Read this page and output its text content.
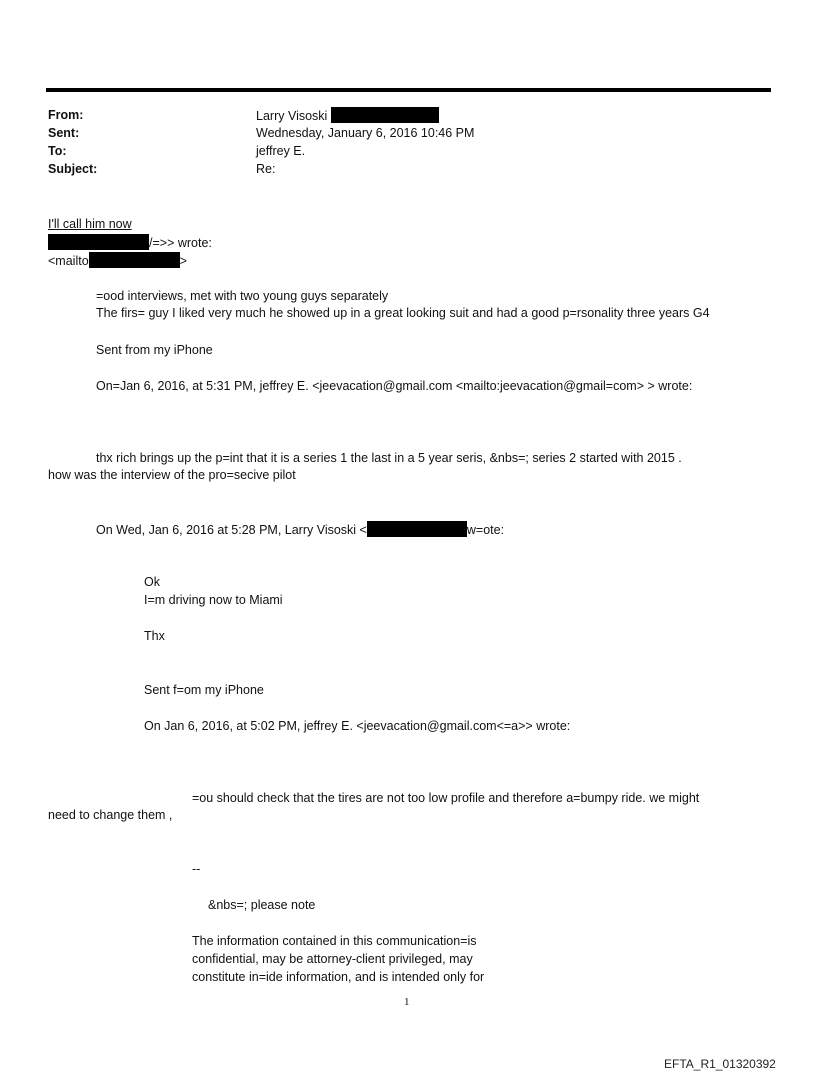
From:	Larry Visoski
Sent:	Wednesday, January 6, 2016 10:46 PM
To:	jeffrey E.
Subject:	Re:
I'll call him now
/=>> wrote:
<mailto	>
=ood interviews, met with two young guys separately
The firs= guy I liked very much he showed up in a great looking suit and had a good p=rsonality three years G4
Sent from my iPhone
On=Jan 6, 2016, at 5:31 PM, jeffrey E. <jeevacation@gmail.com <mailto:jeevacation@gmail=com> > wrote:
thx rich brings up the p=int that it is a series 1 the last in a 5 year seris, &nbs=; series 2 started with 2015 .
how was the interview of the pro=secive pilot
On Wed, Jan 6, 2016 at 5:28 PM, Larry Visoski <	w=ote:
Ok
I=m driving now to Miami
Thx
Sent f=om my iPhone
On Jan 6, 2016, at 5:02 PM, jeffrey E. <jeevacation@gmail.com<=a>> wrote:
=ou should check that the tires are not too low profile and therefore a=bumpy ride. we might
need to change them ,
--
&nbs=; please note
The information contained in this communication=is
confidential, may be attorney-client privileged, may
constitute in=ide information, and is intended only for
1
EFTA_R1_01320392
